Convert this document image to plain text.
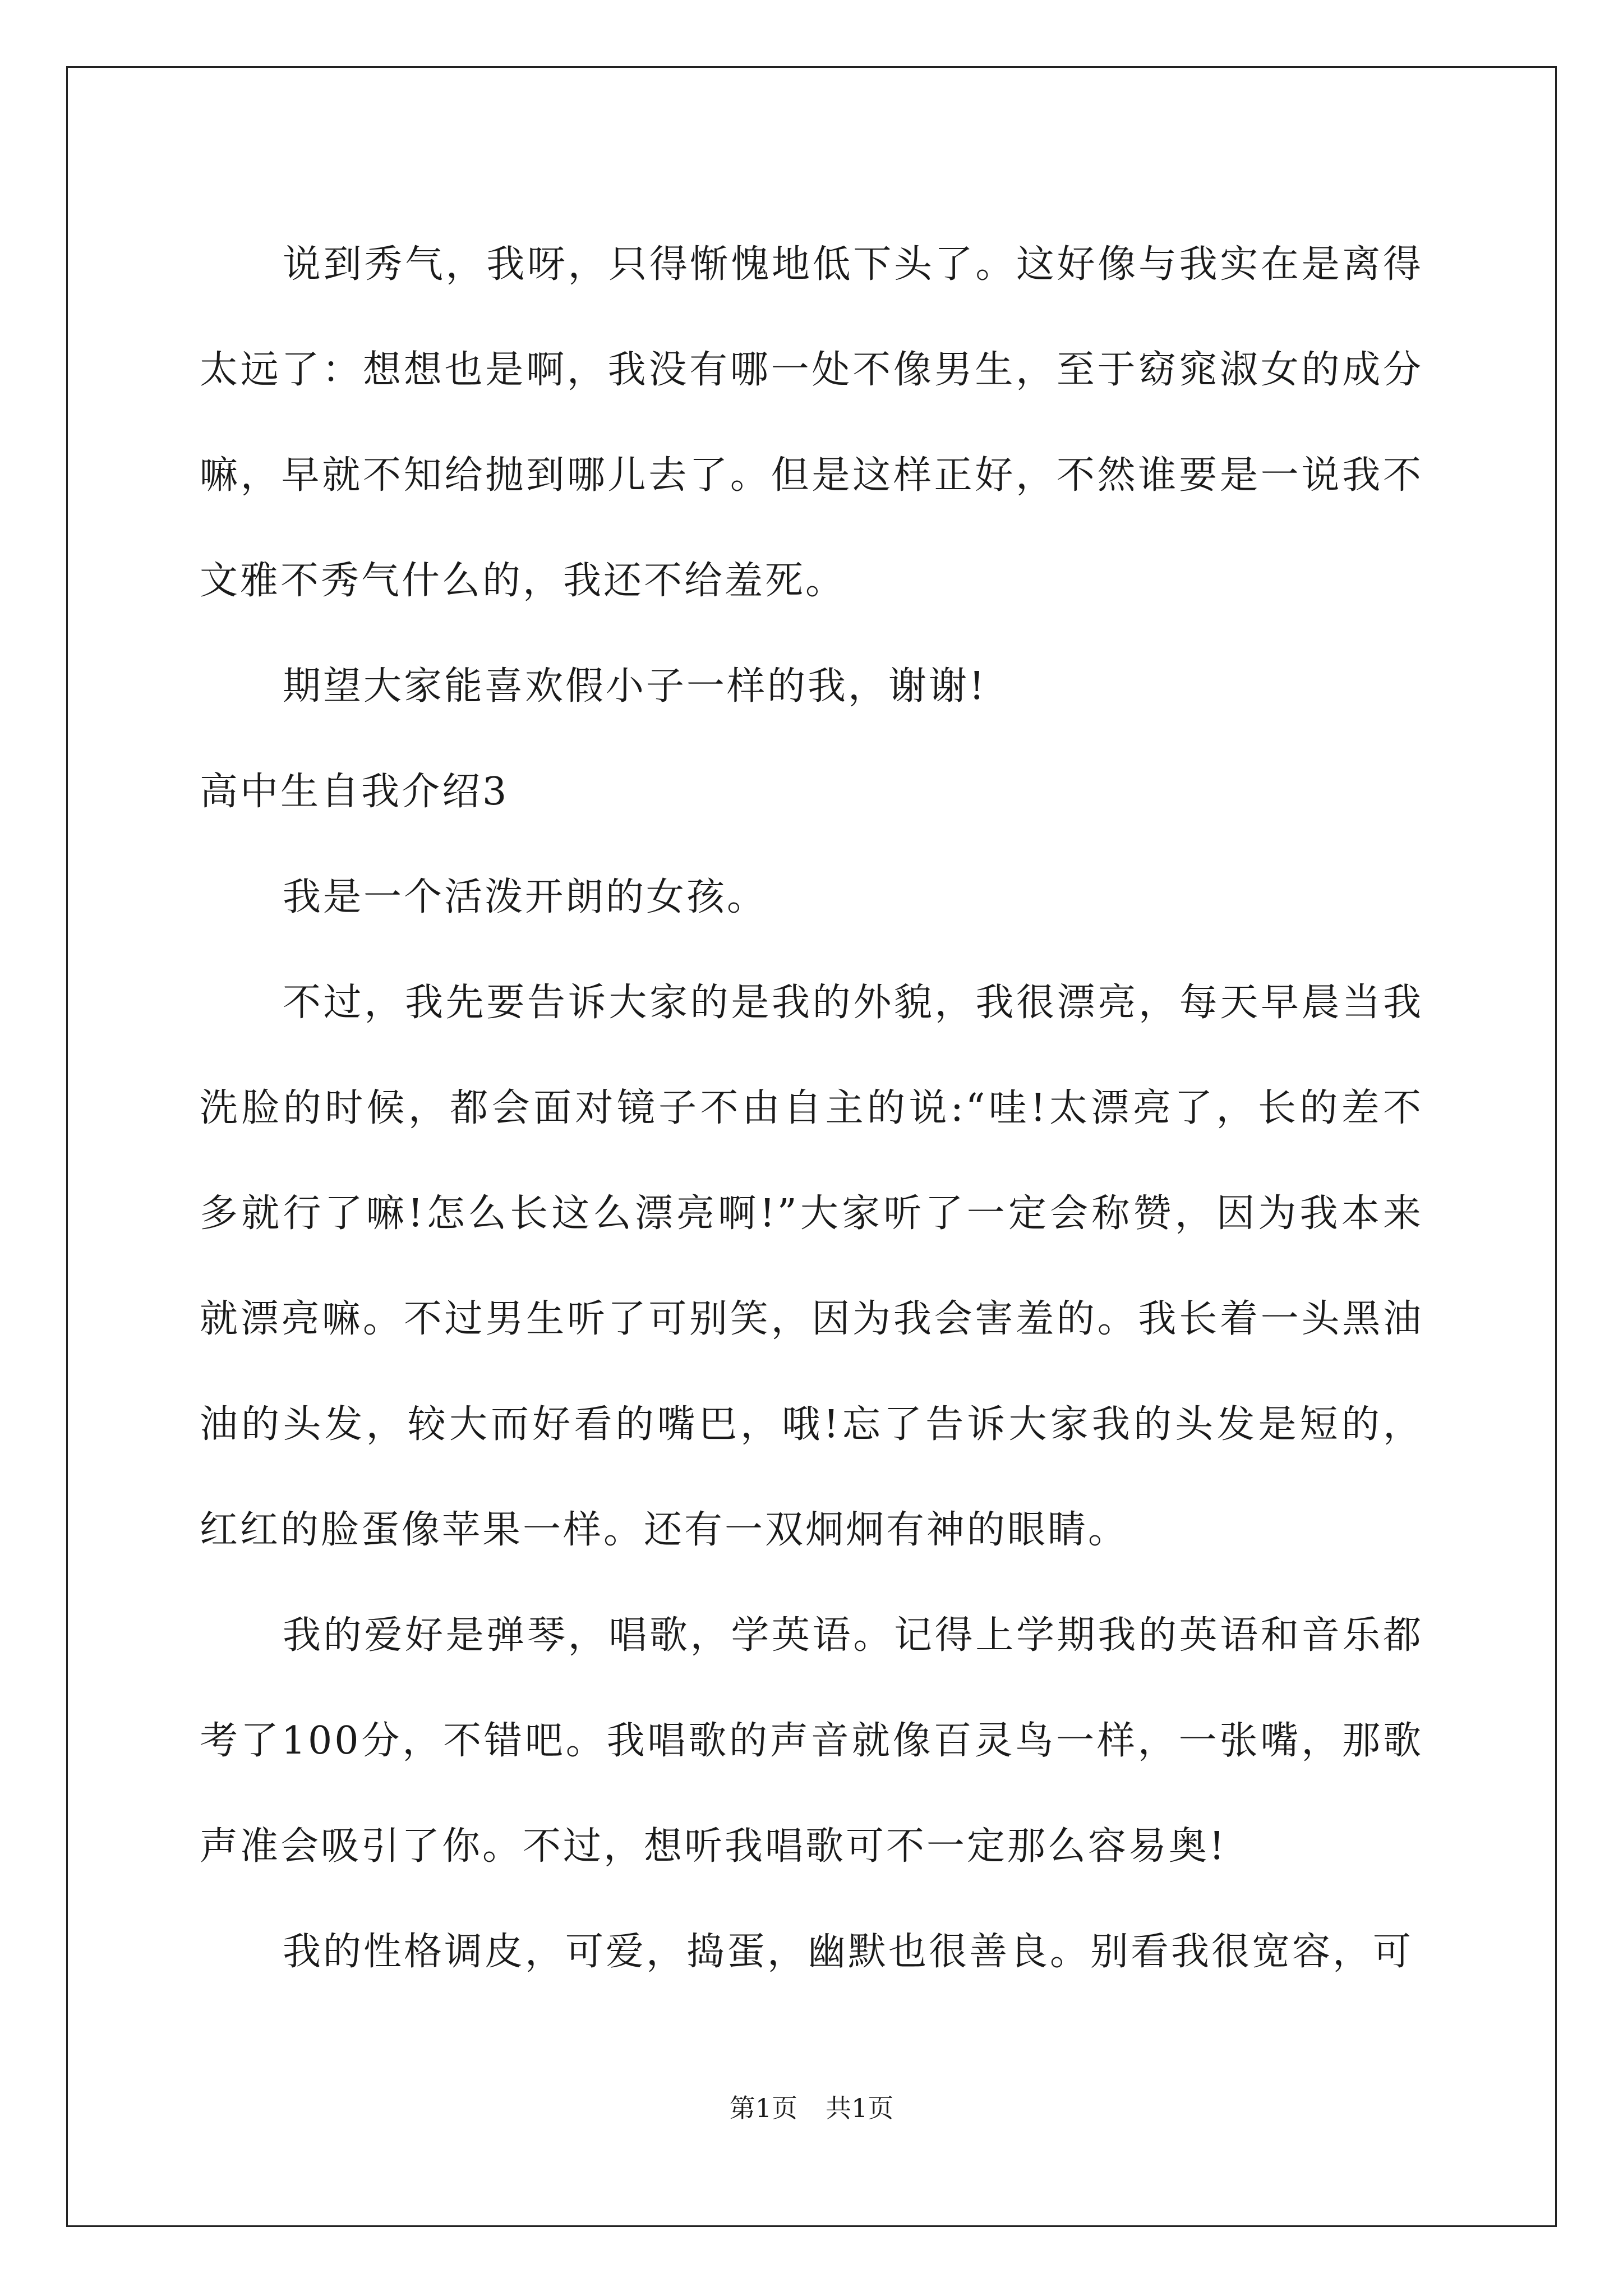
说到秀气，我呀，只得惭愧地低下头了。这好像与我实在是离得太远了：想想也是啊，我没有哪一处不像男生，至于窈窕淑女的成分嘛，早就不知给抛到哪儿去了。但是这样正好，不然谁要是一说我不文雅不秀气什么的，我还不给羞死。

期望大家能喜欢假小子一样的我，谢谢!

高中生自我介绍3

我是一个活泼开朗的女孩。

不过，我先要告诉大家的是我的外貌，我很漂亮，每天早晨当我洗脸的时候，都会面对镜子不由自主的说:“哇!太漂亮了，长的差不多就行了嘛!怎么长这么漂亮啊!”大家听了一定会称赞，因为我本来就漂亮嘛。不过男生听了可别笑，因为我会害羞的。我长着一头黑油油的头发，较大而好看的嘴巴，哦!忘了告诉大家我的头发是短的，红红的脸蛋像苹果一样。还有一双炯炯有神的眼睛。

我的爱好是弹琴，唱歌，学英语。记得上学期我的英语和音乐都考了100分，不错吧。我唱歌的声音就像百灵鸟一样，一张嘴，那歌声准会吸引了你。不过，想听我唱歌可不一定那么容易奥!

我的性格调皮，可爱，捣蛋，幽默也很善良。别看我很宽容，可

第1页 共1页
